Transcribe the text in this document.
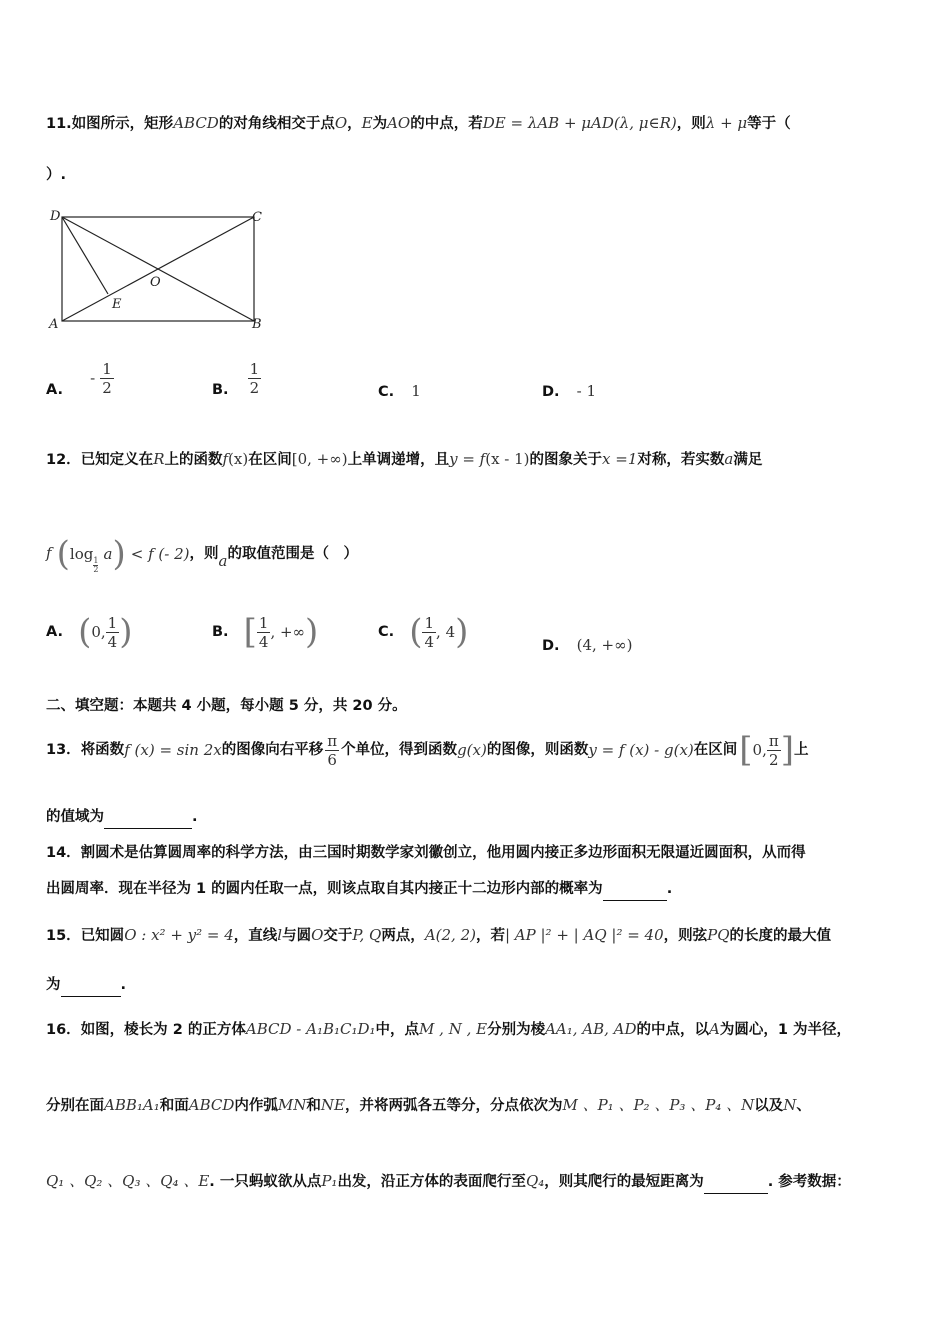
11.如图所示，矩形ABCD的对角线相交于点O，E为AO的中点，若DE = λAB + μAD(λ, μ∈R)，则λ + μ等于（
）.
D	C
A	B
O
E
A. - $\frac{1}{2}$	B. $\frac{1}{2}$	C. 1	D. - 1
12．已知定义在R上的函数f(x)在区间[0, +∞)上单调递增，且y = f(x - 1)的图象关于x =1对称，若实数a满足
f (log
$\frac{1}{2}$
a) < f (- 2)，则a的取值范围是（　）
A. (0, $\frac{1}{4}$ )	B. [ $\frac{1}{4}$ , +∞)	C. ( $\frac{1}{4}$ , 4)	D. (4, +∞)
二、填空题：本题共 4 小题，每小题 5 分，共 20 分。
13．将函数f (x) = sin 2x的图像向右平移 $\frac{\pi}{6}$ 个单位，得到函数g(x)的图像，则函数y = f (x) - g(x)在区间[0, $\frac{\pi}{2}$ ]上
的值域为	.
14．割圆术是估算圆周率的科学方法，由三国时期数学家刘徽创立，他用圆内接正多边形面积无限逼近圆面积，从而得
出圆周率．现在半径为 1 的圆内任取一点，则该点取自其内接正十二边形内部的概率为	.
15．已知圆O : x² + y² = 4，直线l与圆O交于P, Q两点，A(2, 2)，若| AP |² + | AQ |² = 40，则弦PQ的长度的最大值
为	.
16．如图，棱长为 2 的正方体ABCD - A₁B₁C₁D₁中，点M , N , E分别为棱AA₁, AB, AD的中点，以A为圆心，1 为半径，
分别在面ABB₁A₁和面ABCD内作弧MN和NE，并将两弧各五等分，分点依次为M 、P₁ 、P₂ 、P₃ 、P₄ 、N以及N、
Q₁ 、Q₂ 、Q₃ 、Q₄ 、E. 一只蚂蚁欲从点P₁出发，沿正方体的表面爬行至Q₄，则其爬行的最短距离为	. 参考数据：
